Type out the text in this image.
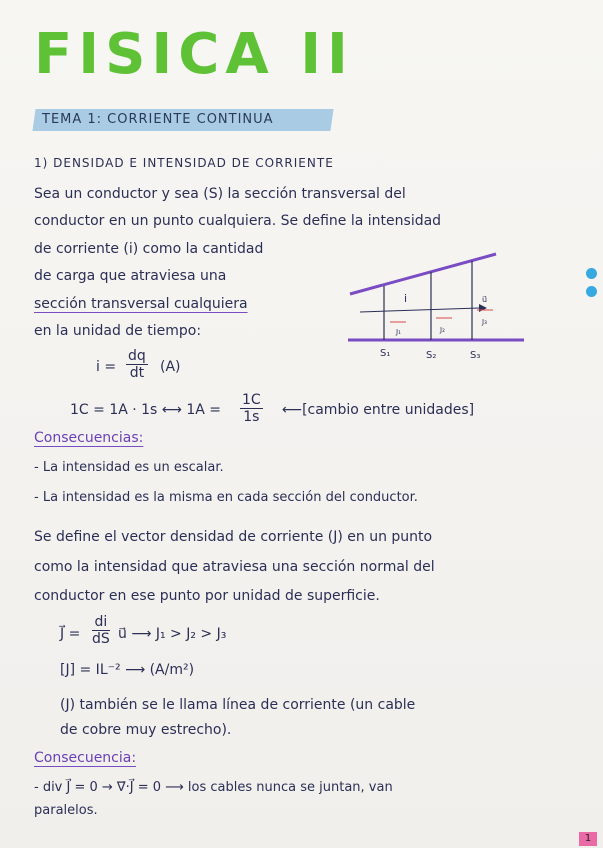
FISICA II
TEMA 1: CORRIENTE CONTINUA
1) DENSIDAD E INTENSIDAD DE CORRIENTE
Sea un conductor y sea (S) la sección transversal del
conductor en un punto cualquiera. Se define la intensidad
de corriente (i) como la cantidad
de carga que atraviesa una
sección transversal cualquiera
en la unidad de tiempo:
i	u⃗
J₁	J₂
J₃
S₁	S₂	S₃
$i = \frac{dq}{dt} (A)$
1C = 1A · 1s ⟷ $1A = \frac{1C}{1s}$ ⟵[cambio entre unidades]
Consecuencias:
- La intensidad es un escalar.
- La intensidad es la misma en cada sección del conductor.
Se define el vector densidad de corriente (J) en un punto
como la intensidad que atraviesa una sección normal del
conductor en ese punto por unidad de superficie.
J⃗ = $\frac{di}{dS}$ u⃗ ⟶ J₁ > J₂ > J₃
[J] = IL⁻² ⟶ (A/m²)
(J) también se le llama línea de corriente (un cable
de cobre muy estrecho).
Consecuencia:
- div J⃗ = 0 → ∇⃗·J⃗ = 0 ⟶ los cables nunca se juntan, van
paralelos.
1
